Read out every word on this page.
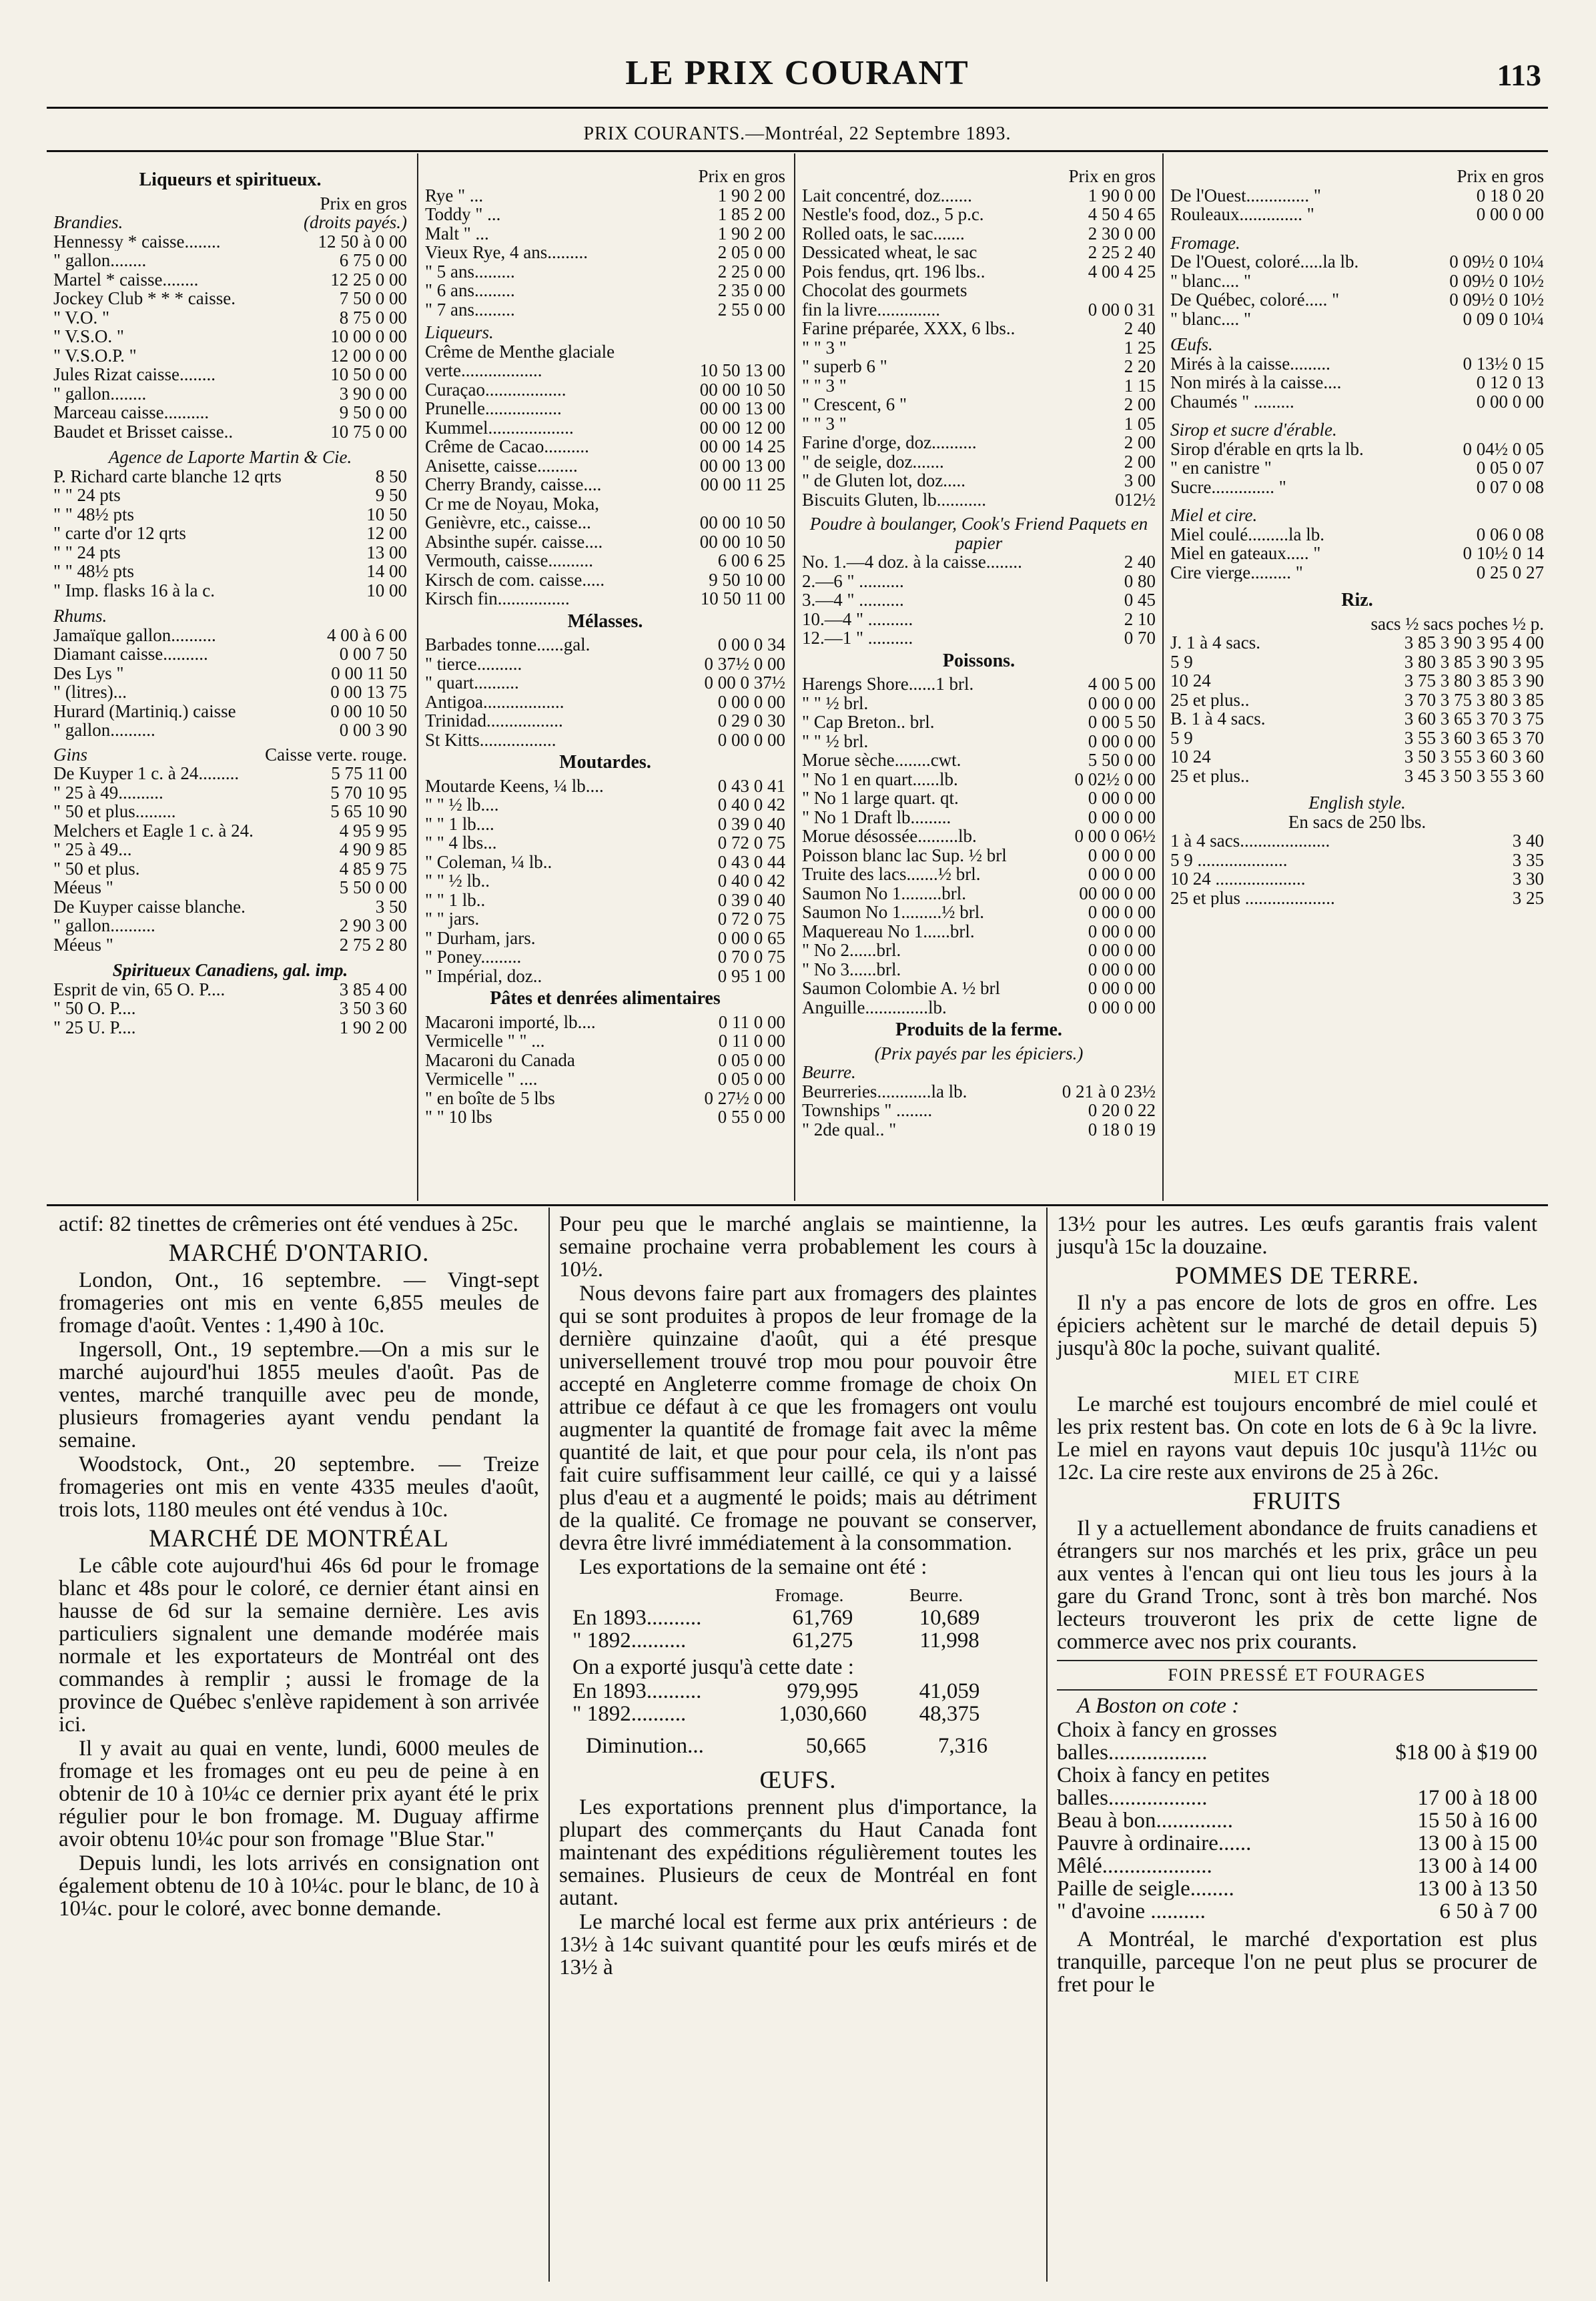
LE PRIX COURANT	113
PRIX COURANTS.—Montréal, 22 Septembre 1893.
Liqueurs et spiritueux.
Prix en gros
Brandies.	(droits payés.)
Hennessy * caisse........	12 50 à 0 00
" gallon........	6 75 0 00
Martel * caisse........	12 25 0 00
Jockey Club * * * caisse.	7 50 0 00
" V.O. "	8 75 0 00
" V.S.O. "	10 00 0 00
" V.S.O.P. "	12 00 0 00
Jules Rizat caisse........	10 50 0 00
" gallon........	3 90 0 00
Marceau caisse..........	9 50 0 00
Baudet et Brisset caisse..	10 75 0 00
Agence de Laporte Martin & Cie.
P. Richard carte blanche 12 qrts	8 50
" " 24 pts	9 50
" " 48½ pts	10 50
" carte d'or 12 qrts	12 00
" " 24 pts	13 00
" " 48½ pts	14 00
" Imp. flasks 16 à la c.	10 00
Rhums.
Jamaïque gallon..........	4 00 à 6 00
Diamant caisse..........	0 00 7 50
Des Lys "	0 00 11 50
" (litres)...	0 00 13 75
Hurard (Martiniq.) caisse	0 00 10 50
" gallon..........	0 00 3 90
Gins	Caisse verte. rouge.
De Kuyper 1 c. à 24.........	5 75 11 00
" 25 à 49..........	5 70 10 95
" 50 et plus.........	5 65 10 90
Melchers et Eagle 1 c. à 24.	4 95 9 95
" 25 à 49...	4 90 9 85
" 50 et plus.	4 85 9 75
Méeus "	5 50 0 00
De Kuyper caisse blanche.	3 50
" gallon..........	2 90 3 00
Méeus "	2 75 2 80
Spiritueux Canadiens, gal. imp.
Esprit de vin, 65 O. P....	3 85 4 00
" 50 O. P....	3 50 3 60
" 25 U. P....	1 90 2 00
Prix en gros
Rye " ...	1 90 2 00
Toddy " ...	1 85 2 00
Malt " ...	1 90 2 00
Vieux Rye, 4 ans.........	2 05 0 00
" 5 ans.........	2 25 0 00
" 6 ans.........	2 35 0 00
" 7 ans.........	2 55 0 00
Liqueurs.
Crême de Menthe glaciale
verte..................	10 50 13 00
Curaçao..................	00 00 10 50
Prunelle.................	00 00 13 00
Kummel...................	00 00 12 00
Crême de Cacao..........	00 00 14 25
Anisette, caisse.........	00 00 13 00
Cherry Brandy, caisse....	00 00 11 25
Cr me de Noyau, Moka,
Genièvre, etc., caisse...	00 00 10 50
Absinthe supér. caisse....	00 00 10 50
Vermouth, caisse..........	6 00 6 25
Kirsch de com. caisse.....	9 50 10 00
Kirsch fin................	10 50 11 00
Mélasses.
Barbades tonne......gal.	0 00 0 34
" tierce..........	0 37½ 0 00
" quart..........	0 00 0 37½
Antigoa..................	0 00 0 00
Trinidad.................	0 29 0 30
St Kitts.................	0 00 0 00
Moutardes.
Moutarde Keens, ¼ lb....	0 43 0 41
" " ½ lb....	0 40 0 42
" " 1 lb....	0 39 0 40
" " 4 lbs...	0 72 0 75
" Coleman, ¼ lb..	0 43 0 44
" " ½ lb..	0 40 0 42
" " 1 lb..	0 39 0 40
" " jars.	0 72 0 75
" Durham, jars.	0 00 0 65
" Poney.........	0 70 0 75
" Impérial, doz..	0 95 1 00
Pâtes et denrées alimentaires
Macaroni importé, lb....	0 11 0 00
Vermicelle " " ...	0 11 0 00
Macaroni du Canada	0 05 0 00
Vermicelle " ....	0 05 0 00
" en boîte de 5 lbs	0 27½ 0 00
" " 10 lbs	0 55 0 00
Prix en gros
Lait concentré, doz.......	1 90 0 00
Nestle's food, doz., 5 p.c.	4 50 4 65
Rolled oats, le sac.......	2 30 0 00
Dessicated wheat, le sac	2 25 2 40
Pois fendus, qrt. 196 lbs..	4 00 4 25
Chocolat des gourmets
fin la livre..............	0 00 0 31
Farine préparée, XXX, 6 lbs..	2 40
" " 3 "	1 25
" superb 6 "	2 20
" " 3 "	1 15
" Crescent, 6 "	2 00
" " 3 "	1 05
Farine d'orge, doz..........	2 00
" de seigle, doz.......	2 00
" de Gluten lot, doz.....	3 00
Biscuits Gluten, lb...........	012½
Poudre à boulanger, Cook's Friend Paquets en papier
No. 1.—4 doz. à la caisse........	2 40
2.—6 " ..........	0 80
3.—4 " ..........	0 45
10.—4 " ..........	2 10
12.—1 " ..........	0 70
Poissons.
Harengs Shore......1 brl.	4 00 5 00
" " ½ brl.	0 00 0 00
" Cap Breton.. brl.	0 00 5 50
" " ½ brl.	0 00 0 00
Morue sèche........cwt.	5 50 0 00
" No 1 en quart......lb.	0 02½ 0 00
" No 1 large quart. qt.	0 00 0 00
" No 1 Draft lb.........	0 00 0 00
Morue désossée.........lb.	0 00 0 06½
Poisson blanc lac Sup. ½ brl	0 00 0 00
Truite des lacs.......½ brl.	0 00 0 00
Saumon No 1.........brl.	00 00 0 00
Saumon No 1.........½ brl.	0 00 0 00
Maquereau No 1......brl.	0 00 0 00
" No 2......brl.	0 00 0 00
" No 3......brl.	0 00 0 00
Saumon Colombie A. ½ brl	0 00 0 00
Anguille..............lb.	0 00 0 00
Produits de la ferme.
(Prix payés par les épiciers.)
Beurre.
Beurreries............la lb.	0 21 à 0 23½
Townships " ........	0 20 0 22
" 2de qual.. "	0 18 0 19
Prix en gros
De l'Ouest.............. "	0 18 0 20
Rouleaux.............. "	0 00 0 00
Fromage.
De l'Ouest, coloré.....la lb.	0 09½ 0 10¼
" blanc.... "	0 09½ 0 10½
De Québec, coloré..... "	0 09½ 0 10½
" blanc.... "	0 09 0 10¼
Œufs.
Mirés à la caisse.........	0 13½ 0 15
Non mirés à la caisse....	0 12 0 13
Chaumés " .........	0 00 0 00
Sirop et sucre d'érable.
Sirop d'érable en qrts la lb.	0 04½ 0 05
" en canistre "	0 05 0 07
Sucre.............. "	0 07 0 08
Miel et cire.
Miel coulé.........la lb.	0 06 0 08
Miel en gateaux..... "	0 10½ 0 14
Cire vierge......... "	0 25 0 27
Riz.
sacs ½ sacs poches ½ p.
J. 1 à 4 sacs.	3 85 3 90 3 95 4 00
5 9	3 80 3 85 3 90 3 95
10 24	3 75 3 80 3 85 3 90
25 et plus..	3 70 3 75 3 80 3 85
B. 1 à 4 sacs.	3 60 3 65 3 70 3 75
5 9	3 55 3 60 3 65 3 70
10 24	3 50 3 55 3 60 3 60
25 et plus..	3 45 3 50 3 55 3 60
English style.
En sacs de 250 lbs.
1 à 4 sacs....................	3 40
5 9 ....................	3 35
10 24 ....................	3 30
25 et plus ....................	3 25

actif: 82 tinettes de crêmeries ont été vendues à 25c.

MARCHÉ D'ONTARIO.

London, Ont., 16 septembre. — Vingt-sept fromageries ont mis en vente 6,855 meules de fromage d'août. Ventes : 1,490 à 10c.

Ingersoll, Ont., 19 septembre.—On a mis sur le marché aujourd'hui 1855 meules d'août. Pas de ventes, marché tranquille avec peu de monde, plusieurs fromageries ayant vendu pendant la semaine.

Woodstock, Ont., 20 septembre. — Treize fromageries ont mis en vente 4335 meules d'août, trois lots, 1180 meules ont été vendus à 10c.

MARCHÉ DE MONTRÉAL

Le câble cote aujourd'hui 46s 6d pour le fromage blanc et 48s pour le coloré, ce dernier étant ainsi en hausse de 6d sur la semaine dernière. Les avis particuliers signalent une demande modérée mais normale et les exportateurs de Montréal ont des commandes à remplir ; aussi le fromage de la province de Québec s'enlève rapidement à son arrivée ici.

Il y avait au quai en vente, lundi, 6000 meules de fromage et les fromages ont eu peu de peine à en obtenir de 10 à 10¼c ce dernier prix ayant été le prix régulier pour le bon fromage. M. Duguay affirme avoir obtenu 10¼c pour son fromage "Blue Star."

Depuis lundi, les lots arrivés en consignation ont également obtenu de 10 à 10¼c. pour le blanc, de 10 à 10¼c. pour le coloré, avec bonne demande.

Pour peu que le marché anglais se maintienne, la semaine prochaine verra probablement les cours à 10½.

Nous devons faire part aux fromagers des plaintes qui se sont produites à propos de leur fromage de la dernière quinzaine d'août, qui a été presque universellement trouvé trop mou pour pouvoir être accepté en Angleterre comme fromage de choix On attribue ce défaut à ce que les fromagers ont voulu augmenter la quantité de fromage fait avec la même quantité de lait, et que pour pour cela, ils n'ont pas fait cuire suffisamment leur caillé, ce qui y a laissé plus d'eau et a augmenté le poids; mais au détriment de la qualité. Ce fromage ne pouvant se conserver, devra être livré immédiatement à la consommation.

Les exportations de la semaine ont été :

Fromage.	Beurre.
En 1893..........	61,769	10,689
" 1892..........	61,275	11,998

On a exporté jusqu'à cette date :

En 1893..........	979,995	41,059
" 1892..........	1,030,660	48,375
Diminution...	50,665	7,316
ŒUFS.

Les exportations prennent plus d'importance, la plupart des commerçants du Haut Canada font maintenant des expéditions régulièrement toutes les semaines. Plusieurs de ceux de Montréal en font autant.

Le marché local est ferme aux prix antérieurs : de 13½ à 14c suivant quantité pour les œufs mirés et de 13½ à

13½ pour les autres. Les œufs garantis frais valent jusqu'à 15c la douzaine.

POMMES DE TERRE.

Il n'y a pas encore de lots de gros en offre. Les épiciers achètent sur le marché de detail depuis 5) jusqu'à 80c la poche, suivant qualité.

MIEL ET CIRE

Le marché est toujours encombré de miel coulé et les prix restent bas. On cote en lots de 6 à 9c la livre. Le miel en rayons vaut depuis 10c jusqu'à 11½c ou 12c. La cire reste aux environs de 25 à 26c.

FRUITS

Il y a actuellement abondance de fruits canadiens et étrangers sur nos marchés et les prix, grâce un peu aux ventes à l'encan qui ont lieu tous les jours à la gare du Grand Tronc, sont à très bon marché. Nos lecteurs trouveront les prix de cette ligne de commerce avec nos prix courants.

FOIN PRESSÉ ET FOURAGES

A Boston on cote :

Choix à fancy en grosses
balles..................	$18 00 à $19 00
Choix à fancy en petites
balles..................	17 00 à 18 00
Beau à bon..............	15 50 à 16 00
Pauvre à ordinaire......	13 00 à 15 00
Mêlé....................	13 00 à 14 00
Paille de seigle........	13 00 à 13 50
" d'avoine ..........	6 50 à 7 00

A Montréal, le marché d'exportation est plus tranquille, parceque l'on ne peut plus se procurer de fret pour le
